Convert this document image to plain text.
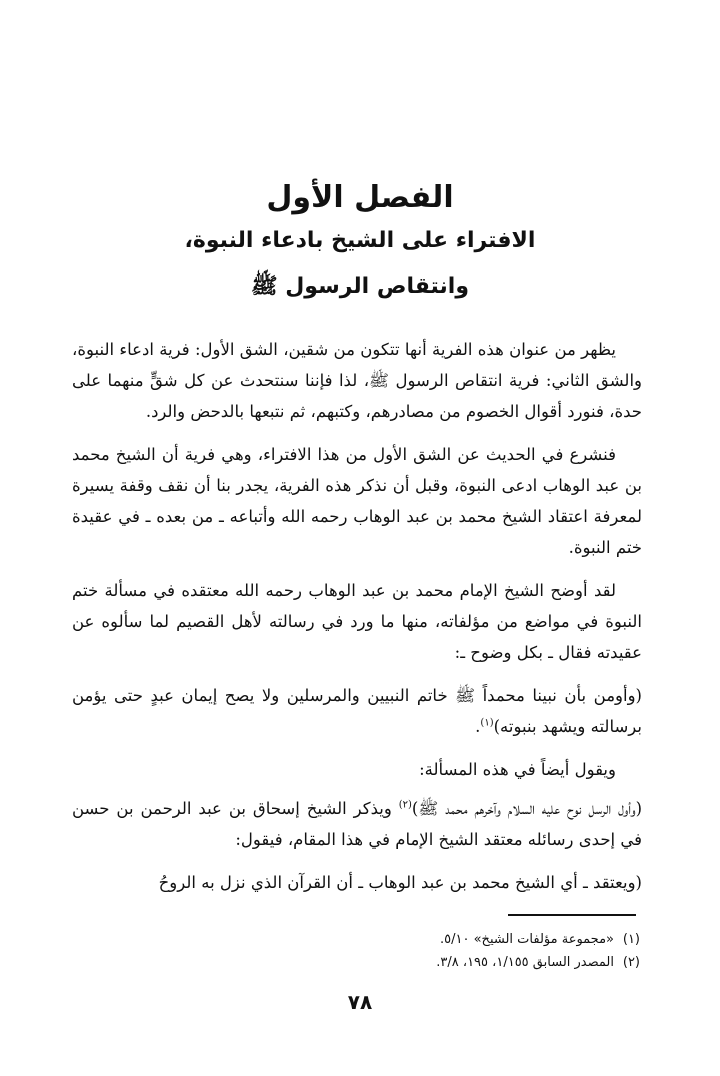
الفصل الأول
الافتراء على الشيخ بادعاء النبوة،
وانتقاص الرسول ﷺ

يظهر من عنوان هذه الفرية أنها تتكون من شقين، الشق الأول: فرية ادعاء النبوة، والشق الثاني: فرية انتقاص الرسول ﷺ، لذا فإننا سنتحدث عن كل شقٍّ منهما على حدة، فنورد أقوال الخصوم من مصادرهم، وكتبهم، ثم نتبعها بالدحض والرد.

فنشرع في الحديث عن الشق الأول من هذا الافتراء، وهي فرية أن الشيخ محمد بن عبد الوهاب ادعى النبوة، وقبل أن نذكر هذه الفرية، يجدر بنا أن نقف وقفة يسيرة لمعرفة اعتقاد الشيخ محمد بن عبد الوهاب رحمه الله وأتباعه ـ من بعده ـ في عقيدة ختم النبوة.

لقد أوضح الشيخ الإمام محمد بن عبد الوهاب رحمه الله معتقده في مسألة ختم النبوة في مواضع من مؤلفاته، منها ما ورد في رسالته لأهل القصيم لما سألوه عن عقيدته فقال ـ بكل وضوح ـ:

(وأومن بأن نبينا محمداً ﷺ خاتم النبيين والمرسلين ولا يصح إيمان عبدٍ حتى يؤمن برسالته ويشهد بنبوته)$^{(١)}$.

ويقول أيضاً في هذه المسألة:

(وأول الرسل نوح عليه السلام وآخرهم محمد ﷺ)$^{(٢)}$ ويذكر الشيخ إسحاق بن عبد الرحمن بن حسن في إحدى رسائله معتقد الشيخ الإمام في هذا المقام، فيقول:

(ويعتقد ـ أي الشيخ محمد بن عبد الوهاب ـ أن القرآن الذي نزل به الروحُ

(١)«مجموعة مؤلفات الشيخ» ٥/١٠.
(٢)المصدر السابق ١/١٥٥، ١٩٥، ٣/٨.
٧٨
